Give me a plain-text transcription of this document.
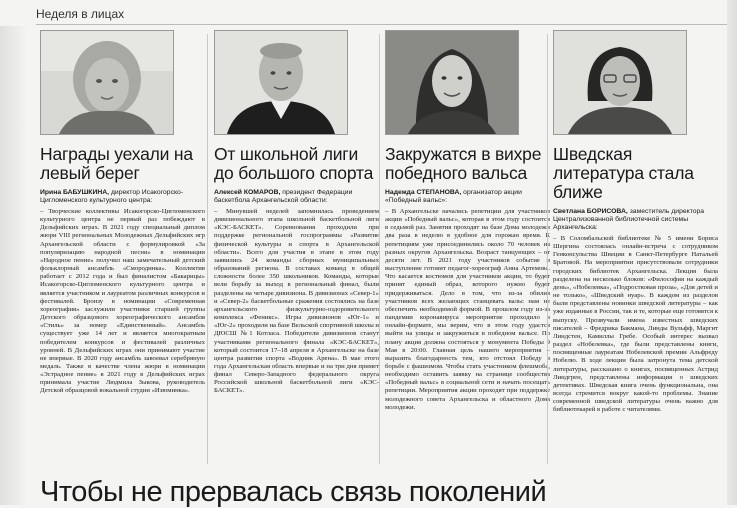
Неделя в лицах
Награды уехали на левый берег
Ирина БАБУШКИНА, директор Исакогорско-Цигломенского культурного центра:
– Творческие коллективы Исакогорско-Цигломенского культурного центра не первый раз побеждают в Дельфийских играх. В 2021 году специальный диплом жюри VIII региональных Молодежных Дельфийских игр Архангельской области с формулировкой «За популяризацию народной песни» в номинации «Народное пение» получил наш замечательный детский фольклорный ансамбль «Смородинка». Коллектив работает с 2012 года и был финалистом «Бакарицы» Исакогорско-Цигломенского культурного центра и является участником и лауреатом различных конкурсов и фестивалей. Бронзу в номинации «Современная хореография» заслужили участники старшей группы Детского образцового хореографического ансамбля «Стиль» за номер «Единственный». Ансамбль существует уже 14 лет и является многократным победителем конкурсов и фестивалей различных уровней. В Дельфийских играх они принимают участие не впервые. В 2020 году ансамбль завоевал серебряную медаль. Также в качестве члена жюри в номинации «Эстрадное пение» в 2021 году в Дельфийских играх принимала участие Людмила Зыкова, руководитель Детской образцовой вокальной студии «Изюминка».
От школьной лиги до большого спорта
Алексей КОМАРОВ, президент Федерации баскетбола Архангельской области:
– Минувшей неделей запомнилась проведением дивизионального этапа школьной баскетбольной лиги «КЭС-БАСКЕТ». Соревнования проходили при поддержке региональной госпрограммы «Развитие физической культуры и спорта в Архангельской области». Всего для участия в этапе в этом году заявились 24 команды сборных муниципальных образований региона. В составах команд в общей сложности более 350 школьников. Команды, которые вели борьбу за выход в региональный финал, были разделены на четыре дивизиона. В дивизионах «Север-1» и «Север-2» баскетбольные сражения состоялись на базе архангельского физкультурно-оздоровительного комплекса «Феникс». Игры дивизионов «Юг-1» и «Юг-2» проходили на базе Вельской спортивной школы и ДЮСШ №1 Котласа. Победители дивизионов станут участниками регионального финала «КЭС-БАСКЕТ», который состоится 17–18 апреля в Архангельске на базе центра развития спорта «Водник Арена». В мае этого года Архангельская область впервые и на три дня примет финал Северо-Западного федерального округа Российской школьной баскетбольной лиги «КЭС-БАСКЕТ».
Закружатся в вихре победного вальса
Надежда СТЕПАНОВА, организатор акции «Победный вальс»:
– В Архангельске начались репетиции для участников акции «Победный вальс», которая в этом году состоится в седьмой раз. Занятия проходят на базе Дома молодежи два раза в неделю в удобное для горожан время. К репетициям уже присоединились около 70 человек из разных округов Архангельска. Возраст танцующих – от десяти лет. В 2021 году участников событие и выступление готовит педагог-хореограф Анна Артемова. Что касается костюмов для участников акции, то будет принят единый образ, которого нужно будет придерживаться. Дело в том, что из-за обилия участников всех желающих станцевать вальс нам не обеспечить необходимой формой. В прошлом году из-за пандемии коронавируса мероприятие проходило в онлайн-формате, мы верим, что в этом году удастся выйти на улицы и закружиться в победном вальсе. По плану акция должна состояться у монумента Победы 9 Мая в 20:00. Главная цель нашего мероприятия – выразить благодарность тем, кто отстоял Победу в борьбе с фашизмом. Чтобы стать участником флешмоба, необходимо оставить заявку на странице сообщества «Победный вальс» в социальной сети и начать посещать репетиции. Мероприятия акции проходят при поддержке молодежного совета Архангельска и областного Дома молодежи.
Шведская литература стала ближе
Светлана БОРИСОВА, заместитель директора Централизованной библиотечной системы Архангельска:
– В Соломбальской библиотеке № 5 имени Бориса Шергина состоялась онлайн-встреча с сотрудником Генконсульства Швеции в Санкт-Петербурге Натальей Братовой. На мероприятии присутствовали сотрудники городских библиотек Архангельска. Лекция была разделена на несколько блоков: «Философия на каждый день», «Нобелевка», «Подростковая проза», «Для детей и не только», «Шведский нуар». В каждом из разделов были представлены новинки шведской литературы – как уже изданные в России, так и те, которые еще готовятся к выпуску. Прозвучали имена известных шведских писателей – Фредрика Бакмана, Линды Вульфф, Маргит Линдстен, Камиллы Гребе. Особый интерес вызвал раздел «Нобелевка», где были представлены книги, посвященные лауреатам Нобелевской премии Альфреду Нобелю. В ходе лекции была затронута тема детской литературы, рассказано о книгах, посвященных Астрид Линдгрен, представлены информация о шведских детективах. Шведская книга очень функциональна, она всегда стремится вокруг какой-то проблемы. Знание современной шведской литературы очень важно для библиотекарей в работе с читателями.
Чтобы не прервалась связь поколений
